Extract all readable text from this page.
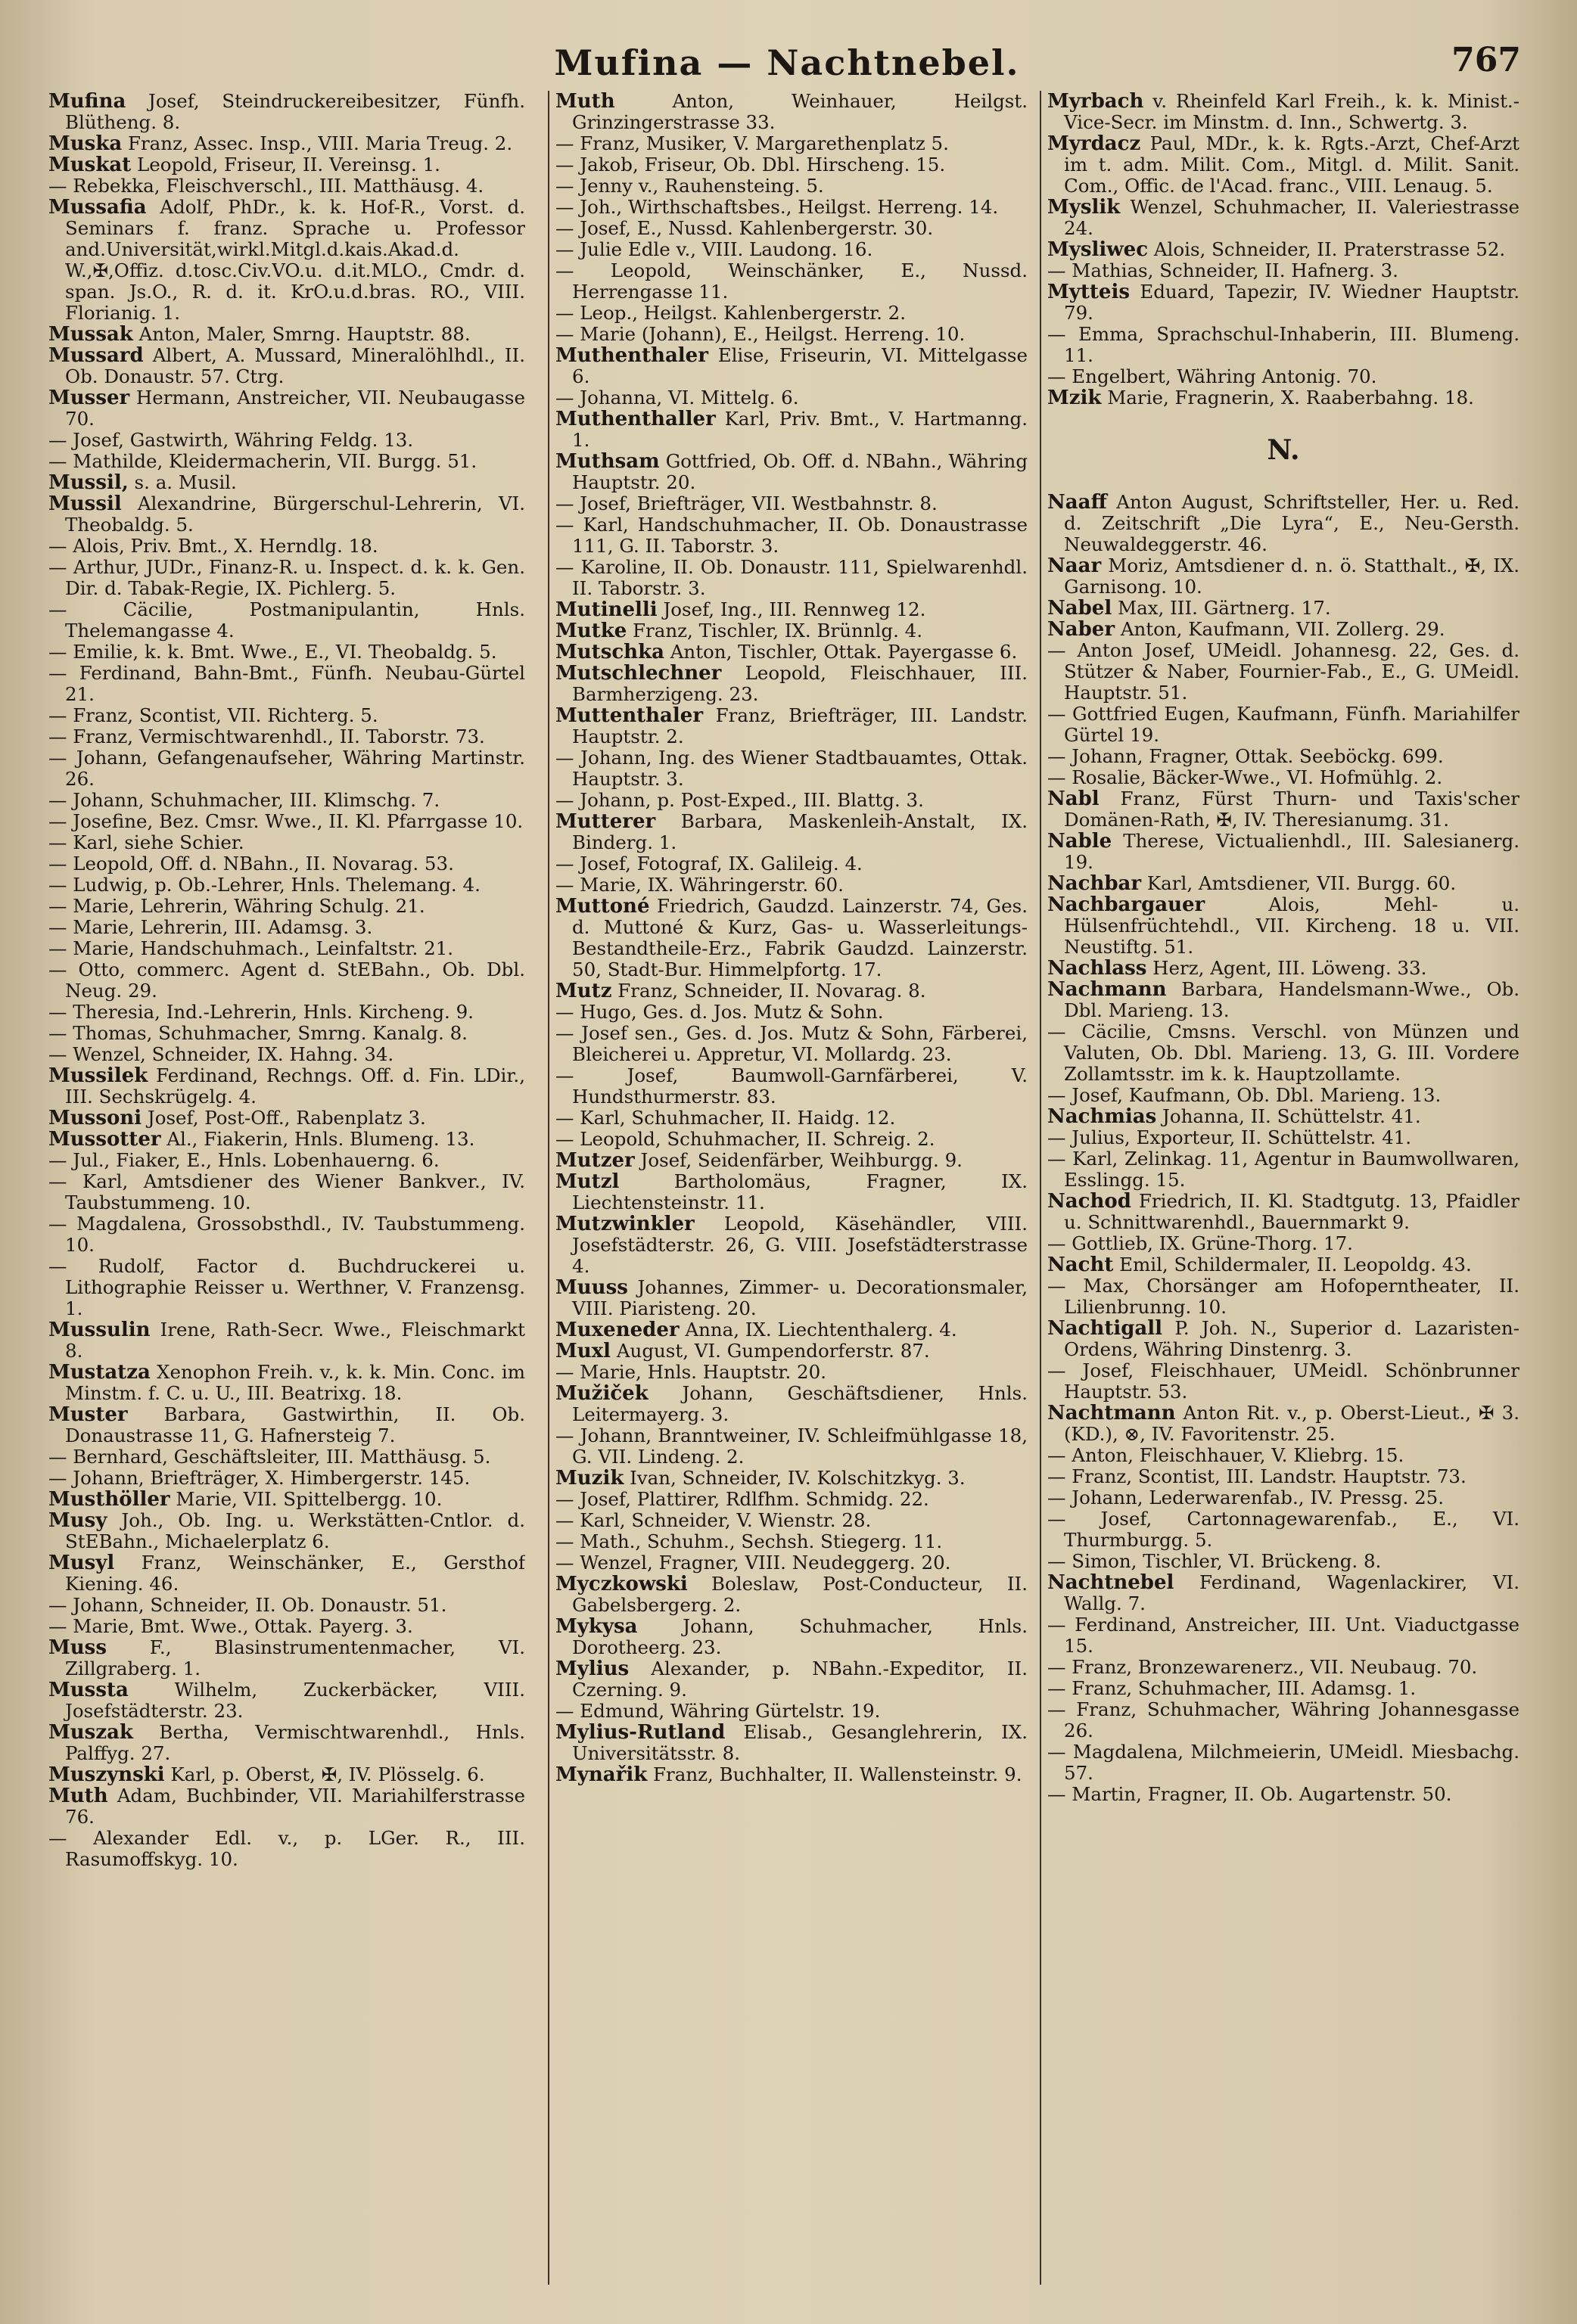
Mufina — Nachtnebel.	767

Mufina Josef, Steindruckereibesitzer, Fünfh. Blütheng. 8.

Muska Franz, Assec. Insp., VIII. Maria Treug. 2.

Muskat Leopold, Friseur, II. Vereinsg. 1.

— Rebekka, Fleischverschl., III. Matthäusg. 4.

Mussafia Adolf, PhDr., k. k. Hof-R., Vorst. d. Seminars f. franz. Sprache u. Professor and.Universität,wirkl.Mitgl.d.kais.Akad.d. W.,✠,Offiz. d.tosc.Civ.VO.u. d.it.MLO., Cmdr. d. span. Js.O., R. d. it. KrO.u.d.bras. RO., VIII. Florianig. 1.

Mussak Anton, Maler, Smrng. Hauptstr. 88.

Mussard Albert, A. Mussard, Mineralöhlhdl., II. Ob. Donaustr. 57. Ctrg.

Musser Hermann, Anstreicher, VII. Neubaugasse 70.

— Josef, Gastwirth, Währing Feldg. 13.

— Mathilde, Kleidermacherin, VII. Burgg. 51.

Mussil, s. a. Musil.

Mussil Alexandrine, Bürgerschul-Lehrerin, VI. Theobaldg. 5.

— Alois, Priv. Bmt., X. Herndlg. 18.

— Arthur, JUDr., Finanz-R. u. Inspect. d. k. k. Gen. Dir. d. Tabak-Regie, IX. Pichlerg. 5.

— Cäcilie, Postmanipulantin, Hnls. Thelemangasse 4.

— Emilie, k. k. Bmt. Wwe., E., VI. Theobaldg. 5.

— Ferdinand, Bahn-Bmt., Fünfh. Neubau-Gürtel 21.

— Franz, Scontist, VII. Richterg. 5.

— Franz, Vermischtwarenhdl., II. Taborstr. 73.

— Johann, Gefangenaufseher, Währing Martinstr. 26.

— Johann, Schuhmacher, III. Klimschg. 7.

— Josefine, Bez. Cmsr. Wwe., II. Kl. Pfarrgasse 10.

— Karl, siehe Schier.

— Leopold, Off. d. NBahn., II. Novarag. 53.

— Ludwig, p. Ob.-Lehrer, Hnls. Thelemang. 4.

— Marie, Lehrerin, Währing Schulg. 21.

— Marie, Lehrerin, III. Adamsg. 3.

— Marie, Handschuhmach., Leinfaltstr. 21.

— Otto, commerc. Agent d. StEBahn., Ob. Dbl. Neug. 29.

— Theresia, Ind.-Lehrerin, Hnls. Kircheng. 9.

— Thomas, Schuhmacher, Smrng. Kanalg. 8.

— Wenzel, Schneider, IX. Hahng. 34.

Mussilek Ferdinand, Rechngs. Off. d. Fin. LDir., III. Sechskrügelg. 4.

Mussoni Josef, Post-Off., Rabenplatz 3.

Mussotter Al., Fiakerin, Hnls. Blumeng. 13.

— Jul., Fiaker, E., Hnls. Lobenhauerng. 6.

— Karl, Amtsdiener des Wiener Bankver., IV. Taubstummeng. 10.

— Magdalena, Grossobsthdl., IV. Taubstummeng. 10.

— Rudolf, Factor d. Buchdruckerei u. Lithographie Reisser u. Werthner, V. Franzensg. 1.

Mussulin Irene, Rath-Secr. Wwe., Fleischmarkt 8.

Mustatza Xenophon Freih. v., k. k. Min. Conc. im Minstm. f. C. u. U., III. Beatrixg. 18.

Muster Barbara, Gastwirthin, II. Ob. Donaustrasse 11, G. Hafnersteig 7.

— Bernhard, Geschäftsleiter, III. Matthäusg. 5.

— Johann, Briefträger, X. Himbergerstr. 145.

Musthöller Marie, VII. Spittelbergg. 10.

Musy Joh., Ob. Ing. u. Werkstätten-Cntlor. d. StEBahn., Michaelerplatz 6.

Musyl Franz, Weinschänker, E., Gersthof Kiening. 46.

— Johann, Schneider, II. Ob. Donaustr. 51.

— Marie, Bmt. Wwe., Ottak. Payerg. 3.

Muss F., Blasinstrumentenmacher, VI. Zillgraberg. 1.

Mussta Wilhelm, Zuckerbäcker, VIII. Josefstädterstr. 23.

Muszak Bertha, Vermischtwarenhdl., Hnls. Palffyg. 27.

Muszynski Karl, p. Oberst, ✠, IV. Plösselg. 6.

Muth Adam, Buchbinder, VII. Mariahilferstrasse 76.

— Alexander Edl. v., p. LGer. R., III. Rasumoffskyg. 10.

Muth Anton, Weinhauer, Heilgst. Grinzingerstrasse 33.

— Franz, Musiker, V. Margarethenplatz 5.

— Jakob, Friseur, Ob. Dbl. Hirscheng. 15.

— Jenny v., Rauhensteing. 5.

— Joh., Wirthschaftsbes., Heilgst. Herreng. 14.

— Josef, E., Nussd. Kahlenbergerstr. 30.

— Julie Edle v., VIII. Laudong. 16.

— Leopold, Weinschänker, E., Nussd. Herrengasse 11.

— Leop., Heilgst. Kahlenbergerstr. 2.

— Marie (Johann), E., Heilgst. Herreng. 10.

Muthenthaler Elise, Friseurin, VI. Mittelgasse 6.

— Johanna, VI. Mittelg. 6.

Muthenthaller Karl, Priv. Bmt., V. Hartmanng. 1.

Muthsam Gottfried, Ob. Off. d. NBahn., Währing Hauptstr. 20.

— Josef, Briefträger, VII. Westbahnstr. 8.

— Karl, Handschuhmacher, II. Ob. Donaustrasse 111, G. II. Taborstr. 3.

— Karoline, II. Ob. Donaustr. 111, Spielwarenhdl. II. Taborstr. 3.

Mutinelli Josef, Ing., III. Rennweg 12.

Mutke Franz, Tischler, IX. Brünnlg. 4.

Mutschka Anton, Tischler, Ottak. Payergasse 6.

Mutschlechner Leopold, Fleischhauer, III. Barmherzigeng. 23.

Muttenthaler Franz, Briefträger, III. Landstr. Hauptstr. 2.

— Johann, Ing. des Wiener Stadtbauamtes, Ottak. Hauptstr. 3.

— Johann, p. Post-Exped., III. Blattg. 3.

Mutterer Barbara, Maskenleih-Anstalt, IX. Binderg. 1.

— Josef, Fotograf, IX. Galileig. 4.

— Marie, IX. Währingerstr. 60.

Muttoné Friedrich, Gaudzd. Lainzerstr. 74, Ges. d. Muttoné & Kurz, Gas- u. Wasserleitungs-Bestandtheile-Erz., Fabrik Gaudzd. Lainzerstr. 50, Stadt-Bur. Himmelpfortg. 17.

Mutz Franz, Schneider, II. Novarag. 8.

— Hugo, Ges. d. Jos. Mutz & Sohn.

— Josef sen., Ges. d. Jos. Mutz & Sohn, Färberei, Bleicherei u. Appretur, VI. Mollardg. 23.

— Josef, Baumwoll-Garnfärberei, V. Hundsthurmerstr. 83.

— Karl, Schuhmacher, II. Haidg. 12.

— Leopold, Schuhmacher, II. Schreig. 2.

Mutzer Josef, Seidenfärber, Weihburgg. 9.

Mutzl Bartholomäus, Fragner, IX. Liechtensteinstr. 11.

Mutzwinkler Leopold, Käsehändler, VIII. Josefstädterstr. 26, G. VIII. Josefstädterstrasse 4.

Muuss Johannes, Zimmer- u. Decorationsmaler, VIII. Piaristeng. 20.

Muxeneder Anna, IX. Liechtenthalerg. 4.

Muxl August, VI. Gumpendorferstr. 87.

— Marie, Hnls. Hauptstr. 20.

Mužiček Johann, Geschäftsdiener, Hnls. Leitermayerg. 3.

— Johann, Branntweiner, IV. Schleifmühlgasse 18, G. VII. Lindeng. 2.

Muzik Ivan, Schneider, IV. Kolschitzkyg. 3.

— Josef, Plattirer, Rdlfhm. Schmidg. 22.

— Karl, Schneider, V. Wienstr. 28.

— Math., Schuhm., Sechsh. Stiegerg. 11.

— Wenzel, Fragner, VIII. Neudeggerg. 20.

Myczkowski Boleslaw, Post-Conducteur, II. Gabelsbergerg. 2.

Mykysa Johann, Schuhmacher, Hnls. Dorotheerg. 23.

Mylius Alexander, p. NBahn.-Expeditor, II. Czerning. 9.

— Edmund, Währing Gürtelstr. 19.

Mylius-Rutland Elisab., Gesanglehrerin, IX. Universitätsstr. 8.

Mynařik Franz, Buchhalter, II. Wallensteinstr. 9.

Myrbach v. Rheinfeld Karl Freih., k. k. Minist.-Vice-Secr. im Minstm. d. Inn., Schwertg. 3.

Myrdacz Paul, MDr., k. k. Rgts.-Arzt, Chef-Arzt im t. adm. Milit. Com., Mitgl. d. Milit. Sanit. Com., Offic. de l'Acad. franc., VIII. Lenaug. 5.

Myslik Wenzel, Schuhmacher, II. Valeriestrasse 24.

Mysliwec Alois, Schneider, II. Praterstrasse 52.

— Mathias, Schneider, II. Hafnerg. 3.

Mytteis Eduard, Tapezir, IV. Wiedner Hauptstr. 79.

— Emma, Sprachschul-Inhaberin, III. Blumeng. 11.

— Engelbert, Währing Antonig. 70.

Mzik Marie, Fragnerin, X. Raaberbahng. 18.

N.

Naaff Anton August, Schriftsteller, Her. u. Red. d. Zeitschrift „Die Lyra“, E., Neu-Gersth. Neuwaldeggerstr. 46.

Naar Moriz, Amtsdiener d. n. ö. Statthalt., ✠, IX. Garnisong. 10.

Nabel Max, III. Gärtnerg. 17.

Naber Anton, Kaufmann, VII. Zollerg. 29.

— Anton Josef, UMeidl. Johannesg. 22, Ges. d. Stützer & Naber, Fournier-Fab., E., G. UMeidl. Hauptstr. 51.

— Gottfried Eugen, Kaufmann, Fünfh. Mariahilfer Gürtel 19.

— Johann, Fragner, Ottak. Seeböckg. 699.

— Rosalie, Bäcker-Wwe., VI. Hofmühlg. 2.

Nabl Franz, Fürst Thurn- und Taxis'scher Domänen-Rath, ✠, IV. Theresianumg. 31.

Nable Therese, Victualienhdl., III. Salesianerg. 19.

Nachbar Karl, Amtsdiener, VII. Burgg. 60.

Nachbargauer Alois, Mehl- u. Hülsenfrüchtehdl., VII. Kircheng. 18 u. VII. Neustiftg. 51.

Nachlass Herz, Agent, III. Löweng. 33.

Nachmann Barbara, Handelsmann-Wwe., Ob. Dbl. Marieng. 13.

— Cäcilie, Cmsns. Verschl. von Münzen und Valuten, Ob. Dbl. Marieng. 13, G. III. Vordere Zollamtsstr. im k. k. Hauptzollamte.

— Josef, Kaufmann, Ob. Dbl. Marieng. 13.

Nachmias Johanna, II. Schüttelstr. 41.

— Julius, Exporteur, II. Schüttelstr. 41.

— Karl, Zelinkag. 11, Agentur in Baumwollwaren, Esslingg. 15.

Nachod Friedrich, II. Kl. Stadtgutg. 13, Pfaidler u. Schnittwarenhdl., Bauernmarkt 9.

— Gottlieb, IX. Grüne-Thorg. 17.

Nacht Emil, Schildermaler, II. Leopoldg. 43.

— Max, Chorsänger am Hofoperntheater, II. Lilienbrunng. 10.

Nachtigall P. Joh. N., Superior d. Lazaristen-Ordens, Währing Dinstenrg. 3.

— Josef, Fleischhauer, UMeidl. Schönbrunner Hauptstr. 53.

Nachtmann Anton Rit. v., p. Oberst-Lieut., ✠ 3. (KD.), ⊗, IV. Favoritenstr. 25.

— Anton, Fleischhauer, V. Kliebrg. 15.

— Franz, Scontist, III. Landstr. Hauptstr. 73.

— Johann, Lederwarenfab., IV. Pressg. 25.

— Josef, Cartonnagewarenfab., E., VI. Thurmburgg. 5.

— Simon, Tischler, VI. Brückeng. 8.

Nachtnebel Ferdinand, Wagenlackirer, VI. Wallg. 7.

— Ferdinand, Anstreicher, III. Unt. Viaductgasse 15.

— Franz, Bronzewarenerz., VII. Neubaug. 70.

— Franz, Schuhmacher, III. Adamsg. 1.

— Franz, Schuhmacher, Währing Johannesgasse 26.

— Magdalena, Milchmeierin, UMeidl. Miesbachg. 57.

— Martin, Fragner, II. Ob. Augartenstr. 50.
